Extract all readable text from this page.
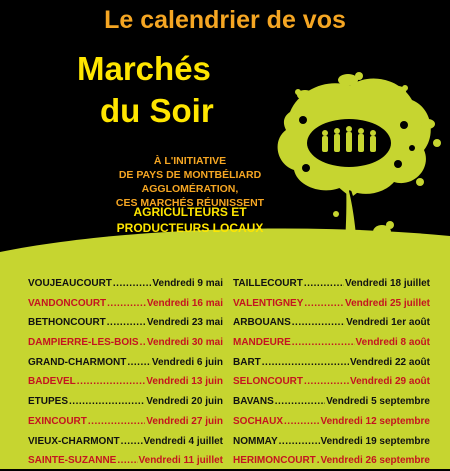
Le calendrier de vos
Marchés
du Soir
À L'INITIATIVE
DE PAYS DE MONTBÉLIARD AGGLOMÉRATION,
CES MARCHÉS RÉUNISSENT
AGRICULTEURS ET
PRODUCTEURS LOCAUX
VOUJEAUCOURT .....	Vendredi 9 mai
VANDONCOURT .....	Vendredi 16 mai
BETHONCOURT .....	Vendredi 23 mai
DAMPIERRE-LES-BOIS ..... Vendredi 30 mai
GRAND-CHARMONT .....	Vendredi 6 juin
BADEVEL .....	Vendredi 13 juin
ETUPES .....	Vendredi 20 juin
EXINCOURT .....	Vendredi 27 juin
VIEUX-CHARMONT ..... Vendredi 4 juillet
SAINTE-SUZANNE ..... Vendredi 11 juillet
TAILLECOURT .....	Vendredi 18 juillet
VALENTIGNEY .....	Vendredi 25 juillet
ARBOUANS .....	Vendredi 1er août
MANDEURE .....	Vendredi 8 août
BART .....	Vendredi 22 août
SELONCOURT .....	Vendredi 29 août
BAVANS .....	Vendredi 5 septembre
SOCHAUX .....	Vendredi 12 septembre
NOMMAY .....	Vendredi 19 septembre
HERIMONCOURT ..... Vendredi 26 septembre
